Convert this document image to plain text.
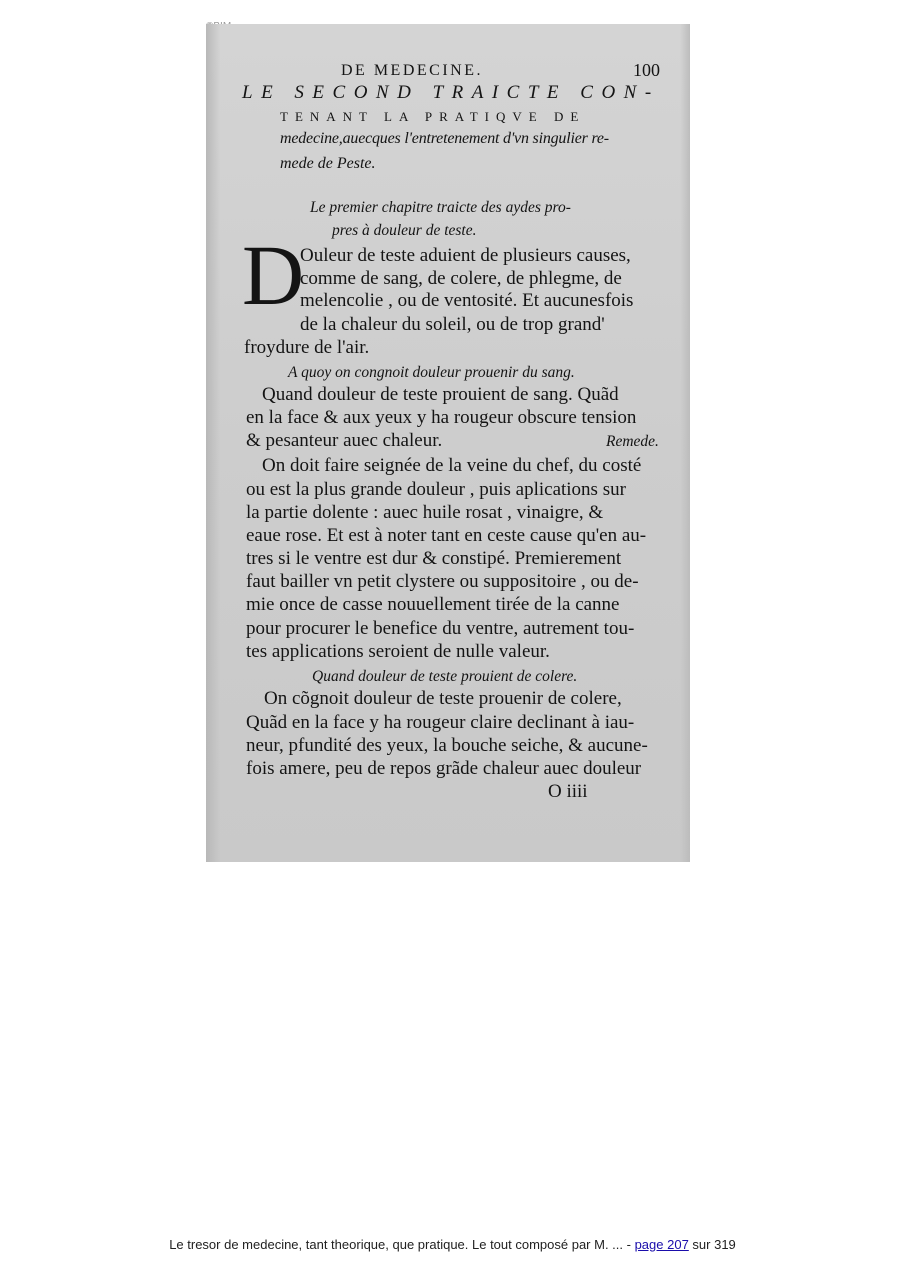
DE MEDECINE.	100
LE SECOND TRAICTE CON-
TENANT LA PRATIQVE DE
medecine,auecques l'entretenement d'vn singulier re-
mede de Peste.
Le premier chapitre traicte des aydes pro-
pres à douleur de teste.
D
Ouleur de teste aduient de plusieurs causes,
comme de sang, de colere, de phlegme, de
melencolie , ou de ventosité. Et aucunesfois
de la chaleur du soleil, ou de trop grand'
froydure de l'air.
A quoy on congnoit douleur prouenir du sang.
Quand douleur de teste prouient de sang. Quãd
en la face & aux yeux y ha rougeur obscure tension
& pesanteur auec chaleur.	Remede.
On doit faire seignée de la veine du chef, du costé
ou est la plus grande douleur , puis aplications sur
la partie dolente : auec huile rosat , vinaigre, &
eaue rose. Et est à noter tant en ceste cause qu'en au-
tres si le ventre est dur & constipé. Premierement
faut bailler vn petit clystere ou suppositoire , ou de-
mie once de casse nouuellement tirée de la canne
pour procurer le benefice du ventre, autrement tou-
tes applications seroient de nulle valeur.
Quand douleur de teste prouient de colere.
On cõgnoit douleur de teste prouenir de colere,
Quãd en la face y ha rougeur claire declinant à iau-
neur, pfundité des yeux, la bouche seiche, & aucune-
fois amere, peu de repos grãde chaleur auec douleur
O iiii
Le tresor de medecine, tant theorique, que pratique. Le tout composé par M. ... - page 207 sur 319
